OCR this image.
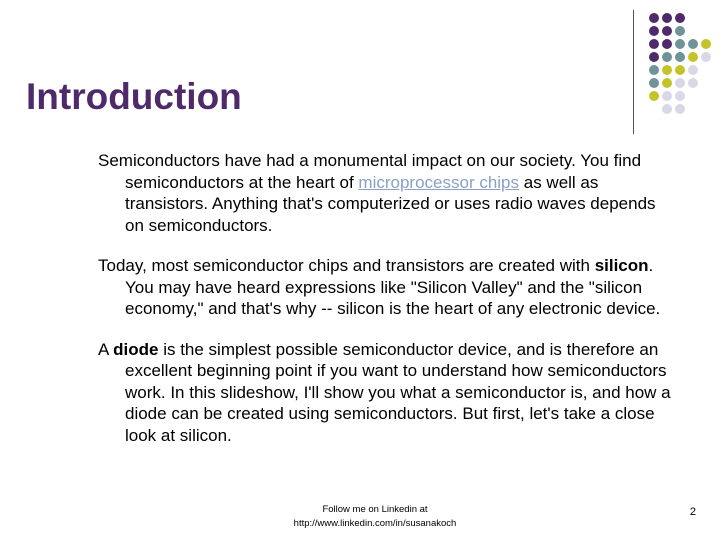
Introduction

Semiconductors have had a monumental impact on our society. You find semiconductors at the heart of microprocessor chips as well as transistors. Anything that's computerized or uses radio waves depends on semiconductors.

Today, most semiconductor chips and transistors are created with silicon. You may have heard expressions like "Silicon Valley" and the "silicon economy," and that's why -- silicon is the heart of any electronic device.

A diode is the simplest possible semiconductor device, and is therefore an excellent beginning point if you want to understand how semiconductors work. In this slideshow, I'll show you what a semiconductor is, and how a diode can be created using semiconductors. But first, let's take a close look at silicon.

Follow me on Linkedin at
http://www.linkedin.com/in/susanakoch
2
